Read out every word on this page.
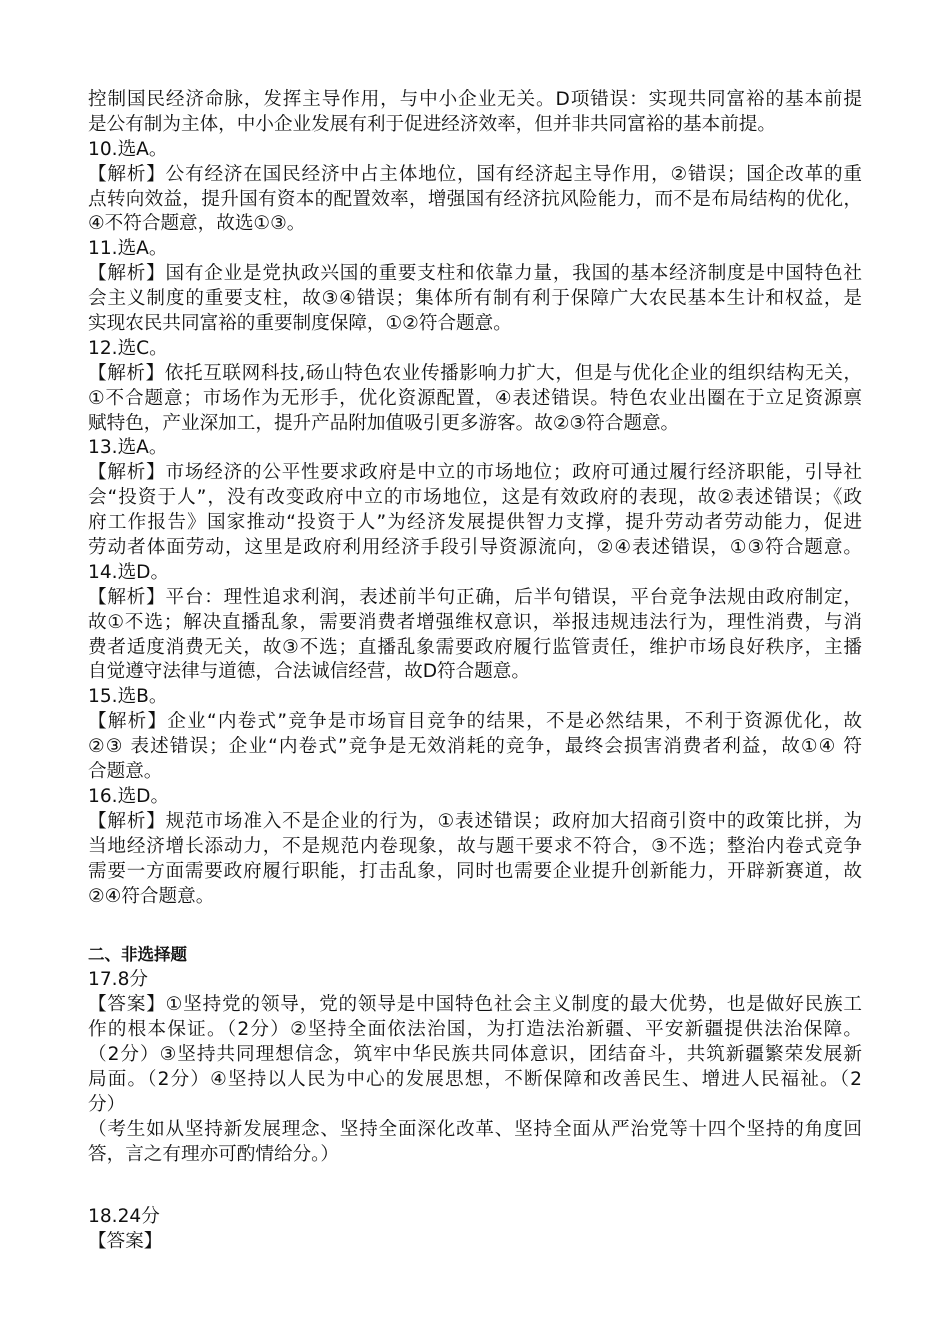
控制国民经济命脉，发挥主导作用，与中小企业无关。D项错误：实现共同富裕的基本前提
是公有制为主体，中小企业发展有利于促进经济效率，但并非共同富裕的基本前提。
10.选A。
【解析】公有经济在国民经济中占主体地位，国有经济起主导作用，②错误；国企改革的重
点转向效益，提升国有资本的配置效率，增强国有经济抗风险能力，而不是布局结构的优化，
④不符合题意，故选①③。
11.选A。
【解析】国有企业是党执政兴国的重要支柱和依靠力量，我国的基本经济制度是中国特色社
会主义制度的重要支柱，故③④错误；集体所有制有利于保障广大农民基本生计和权益，是
实现农民共同富裕的重要制度保障，①②符合题意。
12.选C。
【解析】依托互联网科技,砀山特色农业传播影响力扩大，但是与优化企业的组织结构无关，
①不合题意；市场作为无形手，优化资源配置，④表述错误。特色农业出圈在于立足资源禀
赋特色，产业深加工，提升产品附加值吸引更多游客。故②③符合题意。
13.选A。
【解析】市场经济的公平性要求政府是中立的市场地位；政府可通过履行经济职能，引导社
会“投资于人”，没有改变政府中立的市场地位，这是有效政府的表现，故②表述错误；《政
府工作报告》国家推动“投资于人”为经济发展提供智力支撑，提升劳动者劳动能力，促进
劳动者体面劳动，这里是政府利用经济手段引导资源流向，②④表述错误，①③符合题意。
14.选D。
【解析】平台：理性追求利润，表述前半句正确，后半句错误，平台竞争法规由政府制定，
故①不选；解决直播乱象，需要消费者增强维权意识，举报违规违法行为，理性消费，与消
费者适度消费无关，故③不选；直播乱象需要政府履行监管责任，维护市场良好秩序，主播
自觉遵守法律与道德，合法诚信经营，故D符合题意。
15.选B。
【解析】企业“内卷式”竞争是市场盲目竞争的结果，不是必然结果，不利于资源优化，故
②③ 表述错误；企业“内卷式”竞争是无效消耗的竞争，最终会损害消费者利益，故①④ 符
合题意。
16.选D。
【解析】规范市场准入不是企业的行为，①表述错误；政府加大招商引资中的政策比拼，为
当地经济增长添动力，不是规范内卷现象，故与题干要求不符合，③不选；整治内卷式竞争
需要一方面需要政府履行职能，打击乱象，同时也需要企业提升创新能力，开辟新赛道，故
②④符合题意。
二、非选择题
17.8分
【答案】①坚持党的领导，党的领导是中国特色社会主义制度的最大优势，也是做好民族工
作的根本保证。（2分）②坚持全面依法治国，为打造法治新疆、平安新疆提供法治保障。
（2分）③坚持共同理想信念，筑牢中华民族共同体意识，团结奋斗，共筑新疆繁荣发展新
局面。（2分）④坚持以人民为中心的发展思想，不断保障和改善民生、增进人民福祉。（2
分）
（考生如从坚持新发展理念、坚持全面深化改革、坚持全面从严治党等十四个坚持的角度回
答，言之有理亦可酌情给分。）
18.24分
【答案】
